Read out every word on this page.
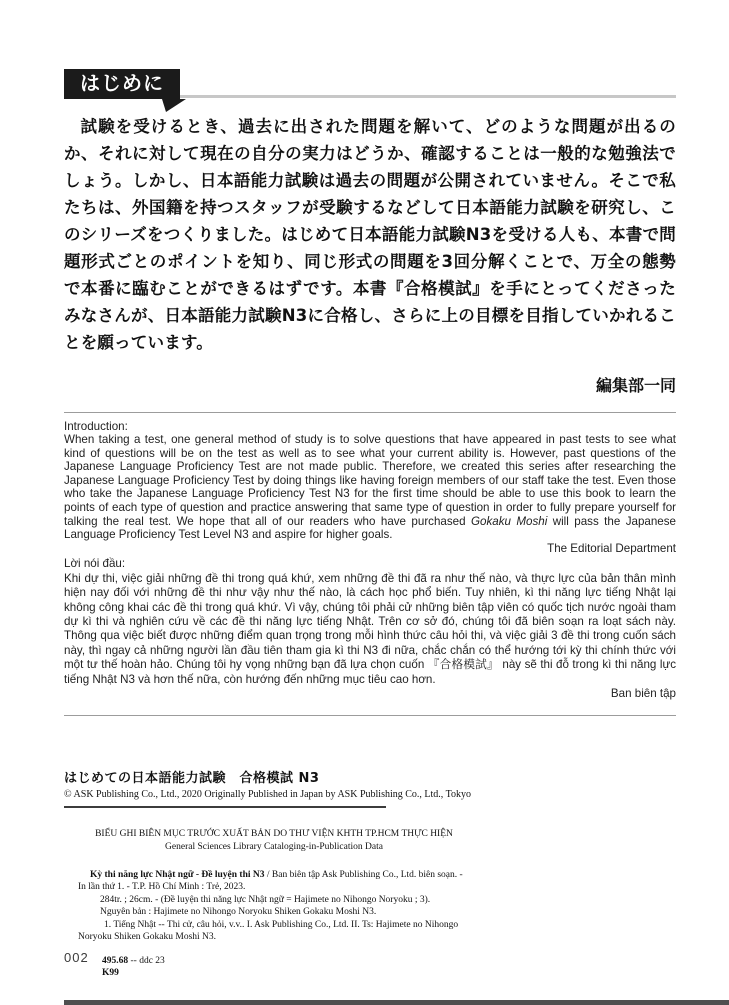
はじめに

試験を受けるとき、過去に出された問題を解いて、どのような問題が出るのか、それに対して現在の自分の実力はどうか、確認することは一般的な勉強法でしょう。しかし、日本語能力試験は過去の問題が公開されていません。そこで私たちは、外国籍を持つスタッフが受験するなどして日本語能力試験を研究し、このシリーズをつくりました。はじめて日本語能力試験N3を受ける人も、本書で問題形式ごとのポイントを知り、同じ形式の問題を3回分解くことで、万全の態勢で本番に臨むことができるはずです。本書『合格模試』を手にとってくださったみなさんが、日本語能力試験N3に合格し、さらに上の目標を目指していかれることを願っています。

編集部一同

Introduction:

When taking a test, one general method of study is to solve questions that have appeared in past tests to see what kind of questions will be on the test as well as to see what your current ability is. However, past questions of the Japanese Language Proficiency Test are not made public. Therefore, we created this series after researching the Japanese Language Proficiency Test by doing things like having foreign members of our staff take the test. Even those who take the Japanese Language Proficiency Test N3 for the first time should be able to use this book to learn the points of each type of question and practice answering that same type of question in order to fully prepare yourself for talking the real test. We hope that all of our readers who have purchased Gokaku Moshi will pass the Japanese Language Proficiency Test Level N3 and aspire for higher goals.

The Editorial Department

Lời nói đầu:

Khi dự thi, việc giải những đề thi trong quá khứ, xem những đề thi đã ra như thế nào, và thực lực của bản thân mình hiện nay đối với những đề thi như vậy như thế nào, là cách học phổ biến. Tuy nhiên, kì thi năng lực tiếng Nhật lại không công khai các đề thi trong quá khứ. Vì vậy, chúng tôi phải cử những biên tập viên có quốc tịch nước ngoài tham dự kì thi và nghiên cứu về các đề thi năng lực tiếng Nhật. Trên cơ sở đó, chúng tôi đã biên soạn ra loạt sách này. Thông qua việc biết được những điểm quan trọng trong mỗi hình thức câu hỏi thi, và việc giải 3 đề thi trong cuốn sách này, thì ngay cả những người lần đầu tiên tham gia kì thi N3 đi nữa, chắc chắn có thể hướng tới kỳ thi chính thức với một tư thế hoàn hảo. Chúng tôi hy vọng những bạn đã lựa chọn cuốn 『合格模試』 này sẽ thi đỗ trong kì thi năng lực tiếng Nhật N3 và hơn thế nữa, còn hướng đến những mục tiêu cao hơn.

Ban biên tập

はじめての日本語能力試験　合格模試 N3
© ASK Publishing Co., Ltd., 2020 Originally Published in Japan by ASK Publishing Co., Ltd., Tokyo

BIỂU GHI BIÊN MỤC TRƯỚC XUẤT BẢN DO THƯ VIỆN KHTH TP.HCM THỰC HIỆN

General Sciences Library Cataloging-in-Publication Data

Kỳ thi năng lực Nhật ngữ - Đề luyện thi N3 / Ban biên tập Ask Publishing Co., Ltd. biên soạn. - In lần thứ 1. - T.P. Hồ Chí Minh : Trẻ, 2023.

284tr. ; 26cm. - (Đề luyện thi năng lực Nhật ngữ = Hajimete no Nihongo Noryoku ; 3).

Nguyên bản : Hajimete no Nihongo Noryoku Shiken Gokaku Moshi N3.

1. Tiếng Nhật -- Thi cử, câu hỏi, v.v.. I. Ask Publishing Co., Ltd. II. Ts: Hajimete no Nihongo Noryoku Shiken Gokaku Moshi N3.

495.68 -- ddc 23

K99

002
